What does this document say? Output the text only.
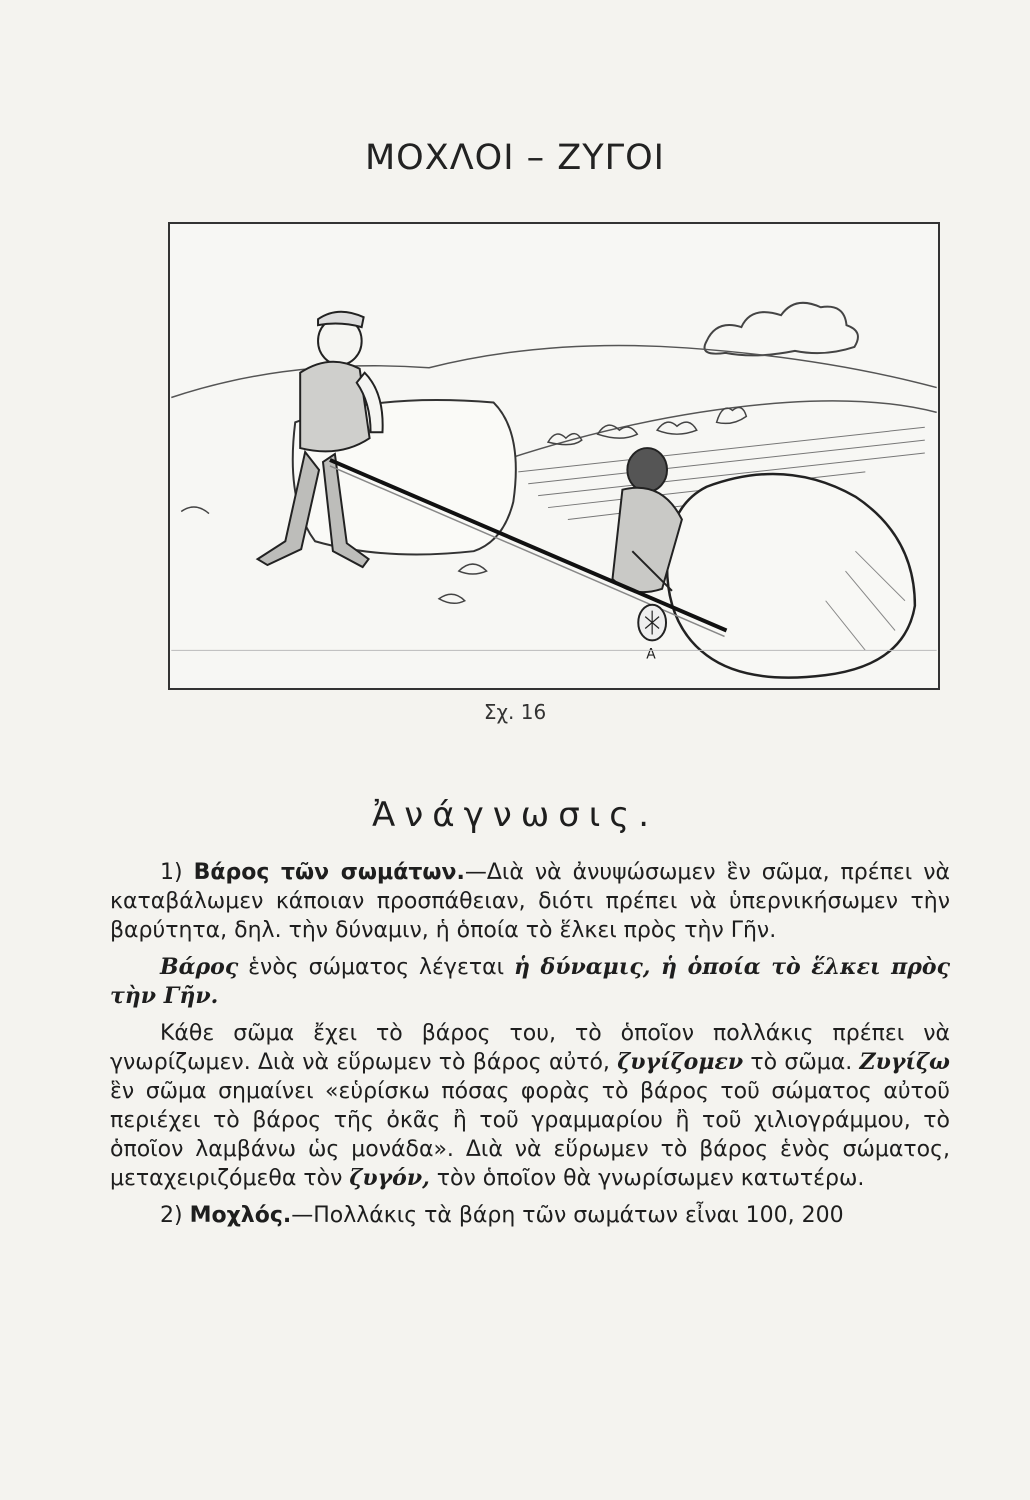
ΜΟΧΛΟΙ – ΖΥΓΟΙ
Α
Σχ. 16
Ἀνάγνωσις.

1) Βάρος τῶν σωμάτων.—Διὰ νὰ ἀνυψώσωμεν ἓν σῶμα, πρέπει νὰ καταβάλωμεν κάποιαν προσπάθειαν, διότι πρέπει νὰ ὑπερνικήσωμεν τὴν βαρύτητα, δηλ. τὴν δύναμιν, ἡ ὁποία τὸ ἕλκει πρὸς τὴν Γῆν.

Βάρος ἑνὸς σώματος λέγεται ἡ δύναμις, ἡ ὁποία τὸ ἕλκει πρὸς τὴν Γῆν.

Κάθε σῶμα ἔχει τὸ βάρος του, τὸ ὁποῖον πολλάκις πρέπει νὰ γνωρίζωμεν. Διὰ νὰ εὕρωμεν τὸ βάρος αὐτό, ζυγίζομεν τὸ σῶμα. Ζυγίζω ἓν σῶμα σημαίνει «εὑρίσκω πόσας φορὰς τὸ βάρος τοῦ σώματος αὐτοῦ περιέχει τὸ βάρος τῆς ὀκᾶς ἢ τοῦ γραμμαρίου ἢ τοῦ χιλιογράμμου, τὸ ὁποῖον λαμβάνω ὡς μονάδα». Διὰ νὰ εὕρωμεν τὸ βάρος ἑνὸς σώματος, μεταχειριζόμεθα τὸν ζυγόν, τὸν ὁποῖον θὰ γνωρίσωμεν κατωτέρω.

2) Μοχλός.—Πολλάκις τὰ βάρη τῶν σωμάτων εἶναι 100, 200
